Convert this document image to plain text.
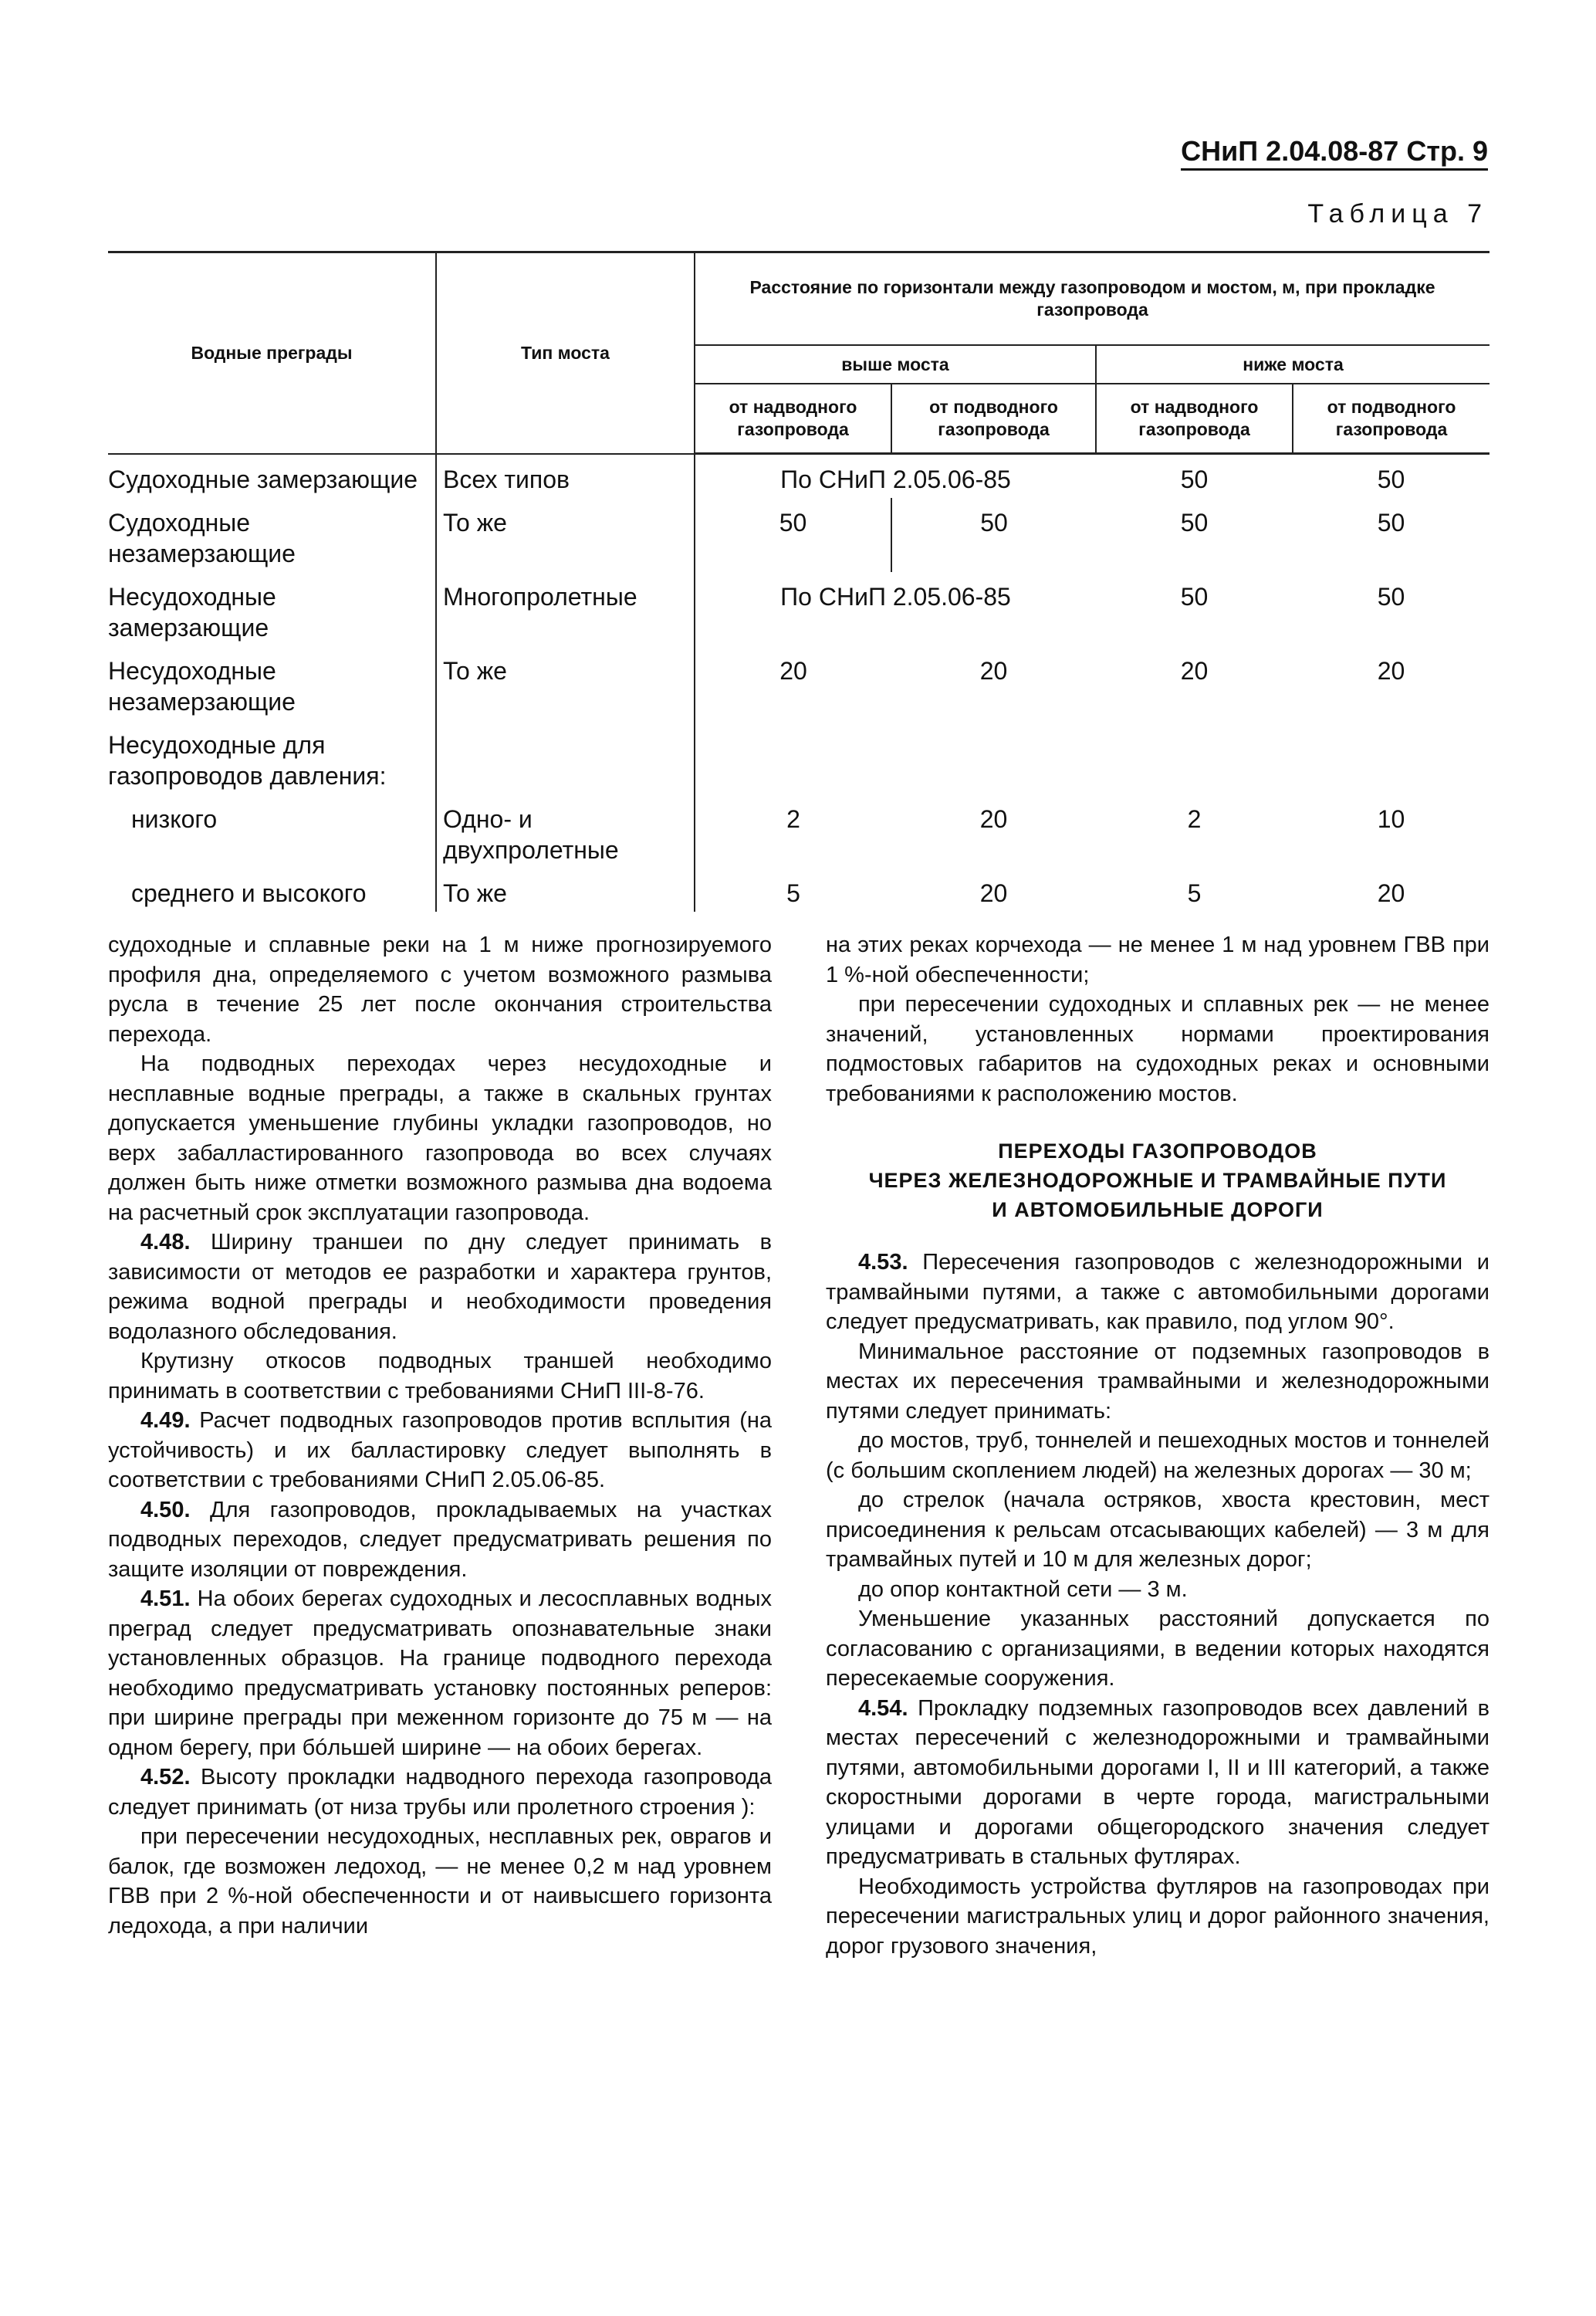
СНиП 2.04.08-87 Стр. 9
Таблица 7
Водные преграды	Тип моста	Расстояние по горизонтали между газопроводом и мостом, м, при прокладке газопровода			
		выше моста		ниже моста	
		от надводного газопровода	от подводного газопровода	от надводного газопровода	от подводного газопровода
Судоходные замерзающие	Всех типов	По СНиП 2.05.06-85		50	50
Судоходные незамерзающие	То же	50	50	50	50
Несудоходные замерзающие	Многопролетные	По СНиП 2.05.06-85		50	50
Несудоходные незамерзающие	То же	20	20	20	20
Несудоходные для газопроводов давления:					
низкого	Одно- и двухпролетные	2	20	2	10
среднего и высокого	То же	5	20	5	20

судоходные и сплавные реки на 1 м ниже прогнозируемого профиля дна, определяемого с учетом возможного размыва русла в течение 25 лет после окончания строительства перехода.

На подводных переходах через несудоходные и несплавные водные преграды, а также в скальных грунтах допускается уменьшение глубины укладки газопроводов, но верх забалластированного газопровода во всех случаях должен быть ниже отметки возможного размыва дна водоема на расчетный срок эксплуатации газопровода.

4.48. Ширину траншеи по дну следует принимать в зависимости от методов ее разработки и характера грунтов, режима водной преграды и необходимости проведения водолазного обследования.

Крутизну откосов подводных траншей необходимо принимать в соответствии с требованиями СНиП III-8-76.

4.49. Расчет подводных газопроводов против всплытия (на устойчивость) и их балластировку следует выполнять в соответствии с требованиями СНиП 2.05.06-85.

4.50. Для газопроводов, прокладываемых на участках подводных переходов, следует предусматривать решения по защите изоляции от повреждения.

4.51. На обоих берегах судоходных и лесосплавных водных преград следует предусматривать опознавательные знаки установленных образцов. На границе подводного перехода необходимо предусматривать установку постоянных реперов: при ширине преграды при меженном горизонте до 75 м — на одном берегу, при бóльшей ширине — на обоих берегах.

4.52. Высоту прокладки надводного перехода газопровода следует принимать (от низа трубы или пролетного строения ):

при пересечении несудоходных, несплавных рек, оврагов и балок, где возможен ледоход, — не менее 0,2 м над уровнем ГВВ при 2 %-ной обеспеченности и от наивысшего горизонта ледохода, а при наличии

на этих реках корчехода — не менее 1 м над уровнем ГВВ при 1 %-ной обеспеченности;

при пересечении судоходных и сплавных рек — не менее значений, установленных нормами проектирования подмостовых габаритов на судоходных реках и основными требованиями к расположению мостов.

ПЕРЕХОДЫ ГАЗОПРОВОДОВ
ЧЕРЕЗ ЖЕЛЕЗНОДОРОЖНЫЕ И ТРАМВАЙНЫЕ ПУТИ
И АВТОМОБИЛЬНЫЕ ДОРОГИ

4.53. Пересечения газопроводов с железнодорожными и трамвайными путями, а также с автомобильными дорогами следует предусматривать, как правило, под углом 90°.

Минимальное расстояние от подземных газопроводов в местах их пересечения трамвайными и железнодорожными путями следует принимать:

до мостов, труб, тоннелей и пешеходных мостов и тоннелей (с большим скоплением людей) на железных дорогах — 30 м;

до стрелок (начала остряков, хвоста крестовин, мест присоединения к рельсам отсасывающих кабелей) — 3 м для трамвайных путей и 10 м для железных дорог;

до опор контактной сети — 3 м.

Уменьшение указанных расстояний допускается по согласованию с организациями, в ведении которых находятся пересекаемые сооружения.

4.54. Прокладку подземных газопроводов всех давлений в местах пересечений с железнодорожными и трамвайными путями, автомобильными дорогами I, II и III категорий, а также скоростными дорогами в черте города, магистральными улицами и дорогами общегородского значения следует предусматривать в стальных футлярах.

Необходимость устройства футляров на газопроводах при пересечении магистральных улиц и дорог районного значения, дорог грузового значения,
